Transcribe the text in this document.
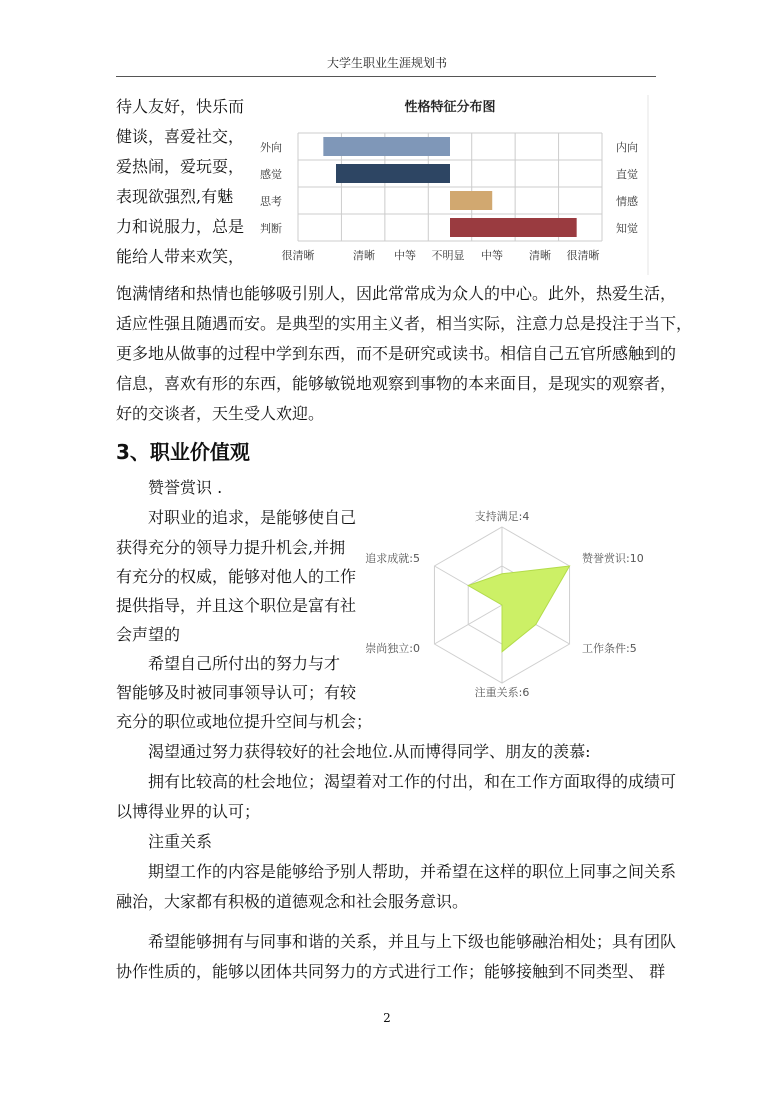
大学生职业生涯规划书
待人友好，快乐而
健谈，喜爱社交，
爱热闹，爱玩耍，
表现欲强烈,有魅
力和说服力，总是
能给人带来欢笑，
性格特征分布图
外向
感觉
思考
判断
内向
直觉
情感
知觉
很清晰	清晰 中等 不明显 中等 清晰 很清晰
饱满情绪和热情也能够吸引别人，因此常常成为众人的中心。此外，热爱生活，
适应性强且随遇而安。是典型的实用主义者，相当实际，注意力总是投注于当下，
更多地从做事的过程中学到东西，而不是研究或读书。相信自己五官所感触到的
信息，喜欢有形的东西，能够敏锐地观察到事物的本来面目，是现实的观察者，
好的交谈者，天生受人欢迎。
3、职业价值观
赞誉赏识 .
对职业的追求，是能够使自己
获得充分的领导力提升机会,并拥
有充分的权威，能够对他人的工作
提供指导，并且这个职位是富有社
会声望的
希望自己所付出的努力与才
智能够及时被同事领导认可；有较
充分的职位或地位提升空间与机会；
支持满足:4
赞誉赏识:10
工作条件:5
注重关系:6
崇尚独立:0
追求成就:5
渴望通过努力获得较好的社会地位.从而博得同学、朋友的羡慕:
拥有比较高的杜会地位；渴望着对工作的付出，和在工作方面取得的成绩可
以博得业界的认可；
注重关系
期望工作的内容是能够给予别人帮助，并希望在这样的职位上同事之间关系
融治，大家都有积极的道德观念和社会服务意识。
希望能够拥有与同事和谐的关系，并且与上下级也能够融治相处；具有团队
协作性质的，能够以团体共同努力的方式进行工作；能够接触到不同类型、 群
2
